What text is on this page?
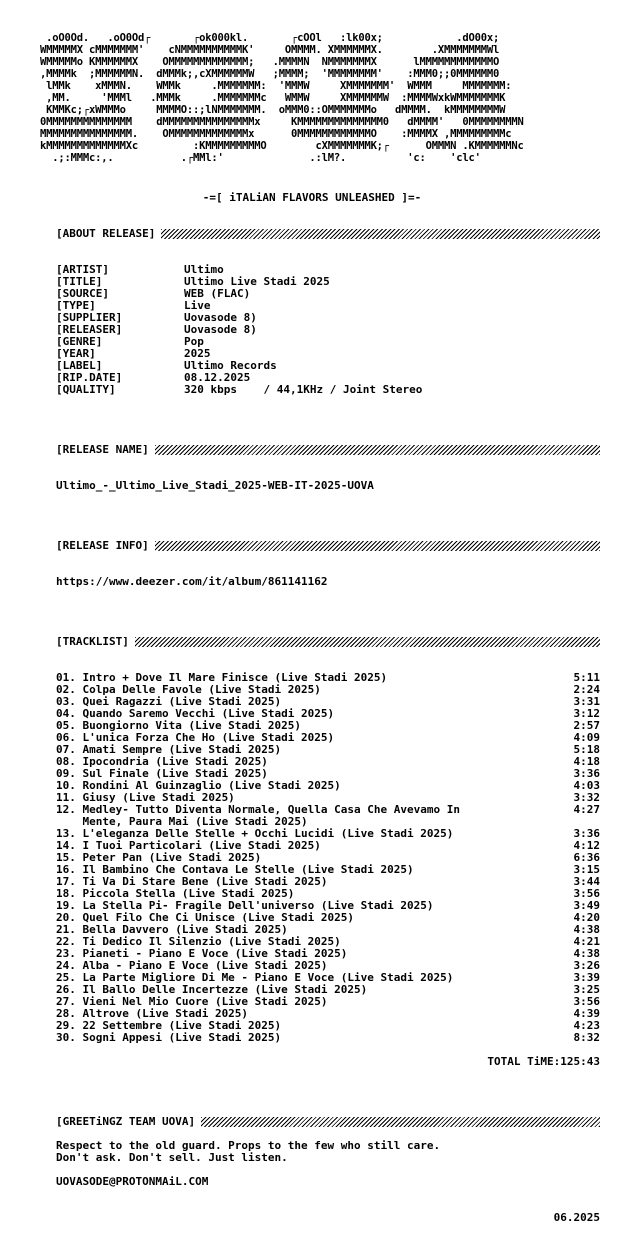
.oO0Od.   .oO0Od┌       ┌ok000kl.       ┌cOOl   :lk00x;            .dO00x;
WMMMMMX cMMMMMMM'    cNMMMMMMMMMMK'     OMMMM. XMMMMMMX.        .XMMMMMMMWl
WMMMMMo KMMMMMMX    OMMMMMMMMMMMMM;   .MMMMN  NMMMMMMMX      lMMMMMMMMMMMMO
,MMMMk  ;MMMMMMN.  dMMMk;,cXMMMMMMW   ;MMMM;  'MMMMMMMM'    :MMM0;;0MMMMMM0
lMMk    xMMMN.    WMMk     .MMMMMMM:  'MMMW     XMMMMMMM'  WMMM     MMMMMMM:
,MM.     'MMMl   .MMMk     .MMMMMMMc   WMMW     XMMMMMMW  :MMMMWxkWMMMMMMMK
KMMKc;┌xWMMMo     MMMMO::;lNMMMMMMM.  oMMM0::OMMMMMMMo   dMMMM.  kMMMMMMMMW
0MMMMMMMMMMMMMM    dMMMMMMMMMMMMMMMx     KMMMMMMMMMMMMMM0   dMMMM'   0MMMMMMMMN
MMMMMMMMMMMMMMM.    OMMMMMMMMMMMMMx      0MMMMMMMMMMMMO    :MMMMX ,MMMMMMMMMc
kMMMMMMMMMMMMMXc         :KMMMMMMMMMO        cXMMMMMMMK;┌      OMMMN .KMMMMMMNc
.;:MMMc:,.           .┌MMl:'              .:lM?.          'c:    'clc'
-=[ iTALiAN FLAVORS UNLEASHED ]=-
[ABOUT RELEASE]
[ARTIST]	Ultimo
[TITLE]	Ultimo Live Stadi 2025
[SOURCE]	WEB (FLAC)
[TYPE]	Live
[SUPPLIER]	Uovasode 8)
[RELEASER]	Uovasode 8)
[GENRE]	Pop
[YEAR]	2025
[LABEL]	Ultimo Records
[RIP.DATE]	08.12.2025
[QUALITY]	320 kbps    / 44,1KHz / Joint Stereo
[RELEASE NAME]
Ultimo_-_Ultimo_Live_Stadi_2025-WEB-IT-2025-UOVA
[RELEASE INFO]
https://www.deezer.com/it/album/861141162
[TRACKLIST]
01. Intro + Dove Il Mare Finisce (Live Stadi 2025)	5:11
02. Colpa Delle Favole (Live Stadi 2025)	2:24
03. Quei Ragazzi (Live Stadi 2025)	3:31
04. Quando Saremo Vecchi (Live Stadi 2025)	3:12
05. Buongiorno Vita (Live Stadi 2025)	2:57
06. L'unica Forza Che Ho (Live Stadi 2025)	4:09
07. Amati Sempre (Live Stadi 2025)	5:18
08. Ipocondria (Live Stadi 2025)	4:18
09. Sul Finale (Live Stadi 2025)	3:36
10. Rondini Al Guinzaglio (Live Stadi 2025)	4:03
11. Giusy (Live Stadi 2025)	3:32
12. Medley- Tutto Diventa Normale, Quella Casa Che Avevamo In
Mente, Paura Mai (Live Stadi 2025)
4:27
13. L'eleganza Delle Stelle + Occhi Lucidi (Live Stadi 2025)	3:36
14. I Tuoi Particolari (Live Stadi 2025)	4:12
15. Peter Pan (Live Stadi 2025)	6:36
16. Il Bambino Che Contava Le Stelle (Live Stadi 2025)	3:15
17. Ti Va Di Stare Bene (Live Stadi 2025)	3:44
18. Piccola Stella (Live Stadi 2025)	3:56
19. La Stella Pi- Fragile Dell'universo (Live Stadi 2025)	3:49
20. Quel Filo Che Ci Unisce (Live Stadi 2025)	4:20
21. Bella Davvero (Live Stadi 2025)	4:38
22. Ti Dedico Il Silenzio (Live Stadi 2025)	4:21
23. Pianeti - Piano E Voce (Live Stadi 2025)	4:38
24. Alba - Piano E Voce (Live Stadi 2025)	3:26
25. La Parte Migliore Di Me - Piano E Voce (Live Stadi 2025)	3:39
26. Il Ballo Delle Incertezze (Live Stadi 2025)	3:25
27. Vieni Nel Mio Cuore (Live Stadi 2025)	3:56
28. Altrove (Live Stadi 2025)	4:39
29. 22 Settembre (Live Stadi 2025)	4:23
30. Sogni Appesi (Live Stadi 2025)	8:32
TOTAL TiME:125:43
[GREETiNGZ TEAM UOVA]
Respect to the old guard. Props to the few who still care.
Don't ask. Don't sell. Just listen.
UOVASODE@PROTONMAiL.COM
06.2025
